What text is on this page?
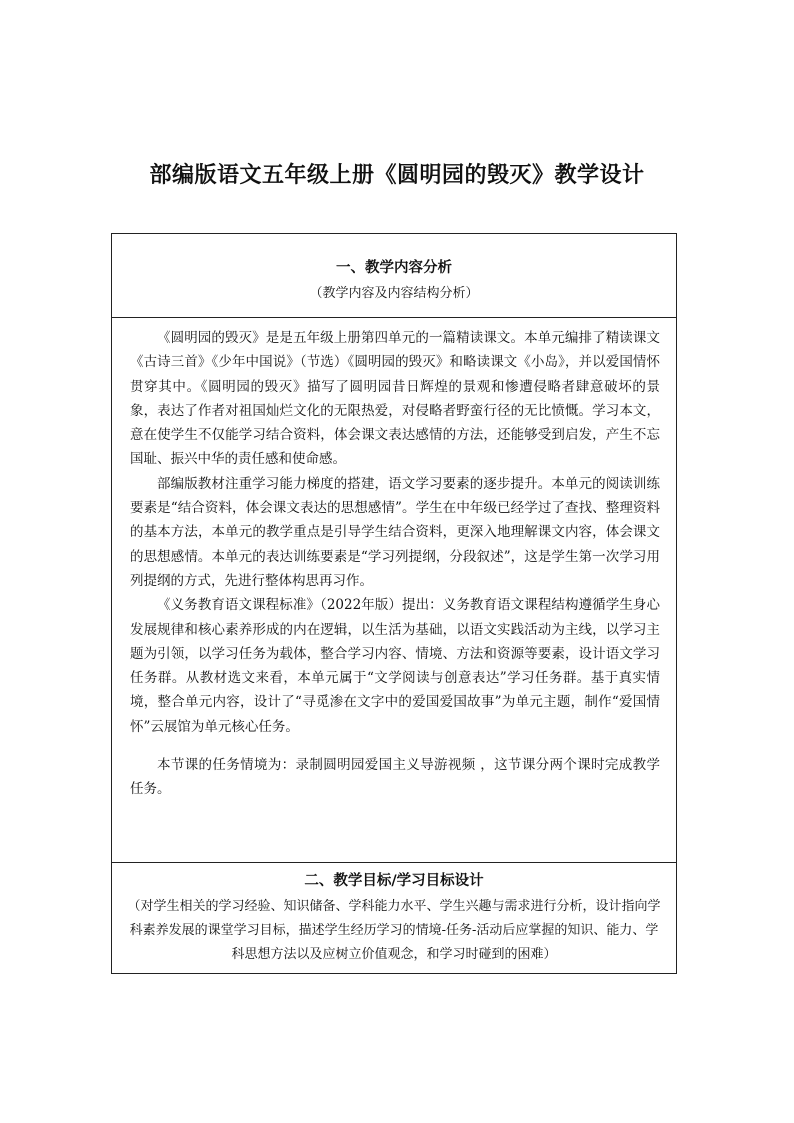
部编版语文五年级上册《圆明园的毁灭》教学设计
一、教学内容分析
（教学内容及内容结构分析）

《圆明园的毁灭》是是五年级上册第四单元的一篇精读课文。本单元编排了精读课文《古诗三首》《少年中国说》（节选）《圆明园的毁灭》和略读课文《小岛》，并以爱国情怀贯穿其中。《圆明园的毁灭》描写了圆明园昔日辉煌的景观和惨遭侵略者肆意破坏的景象，表达了作者对祖国灿烂文化的无限热爱，对侵略者野蛮行径的无比愤慨。学习本文，意在使学生不仅能学习结合资料，体会课文表达感情的方法，还能够受到启发，产生不忘国耻、振兴中华的责任感和使命感。

部编版教材注重学习能力梯度的搭建，语文学习要素的逐步提升。本单元的阅读训练要素是“结合资料，体会课文表达的思想感情”。学生在中年级已经学过了查找、整理资料的基本方法，本单元的教学重点是引导学生结合资料，更深入地理解课文内容，体会课文的思想感情。本单元的表达训练要素是“学习列提纲，分段叙述”，这是学生第一次学习用列提纲的方式，先进行整体构思再习作。

《义务教育语文课程标准》（2022年版）提出：义务教育语文课程结构遵循学生身心发展规律和核心素养形成的内在逻辑，以生活为基础，以语文实践活动为主线，以学习主题为引领，以学习任务为载体，整合学习内容、情境、方法和资源等要素，设计语文学习任务群。从教材选文来看，本单元属于“文学阅读与创意表达”学习任务群。基于真实情境，整合单元内容，设计了“寻觅渗在文字中的爱国爱国故事”为单元主题，制作“爱国情怀”云展馆为单元核心任务。

本节课的任务情境为：录制圆明园爱国主义导游视频 ，这节课分两个课时完成教学任务。

二、教学目标/学习目标设计
（对学生相关的学习经验、知识储备、学科能力水平、学生兴趣与需求进行分析，设计指向学科素养发展的课堂学习目标，描述学生经历学习的情境-任务-活动后应掌握的知识、能力、学科思想方法以及应树立价值观念，和学习时碰到的困难）
